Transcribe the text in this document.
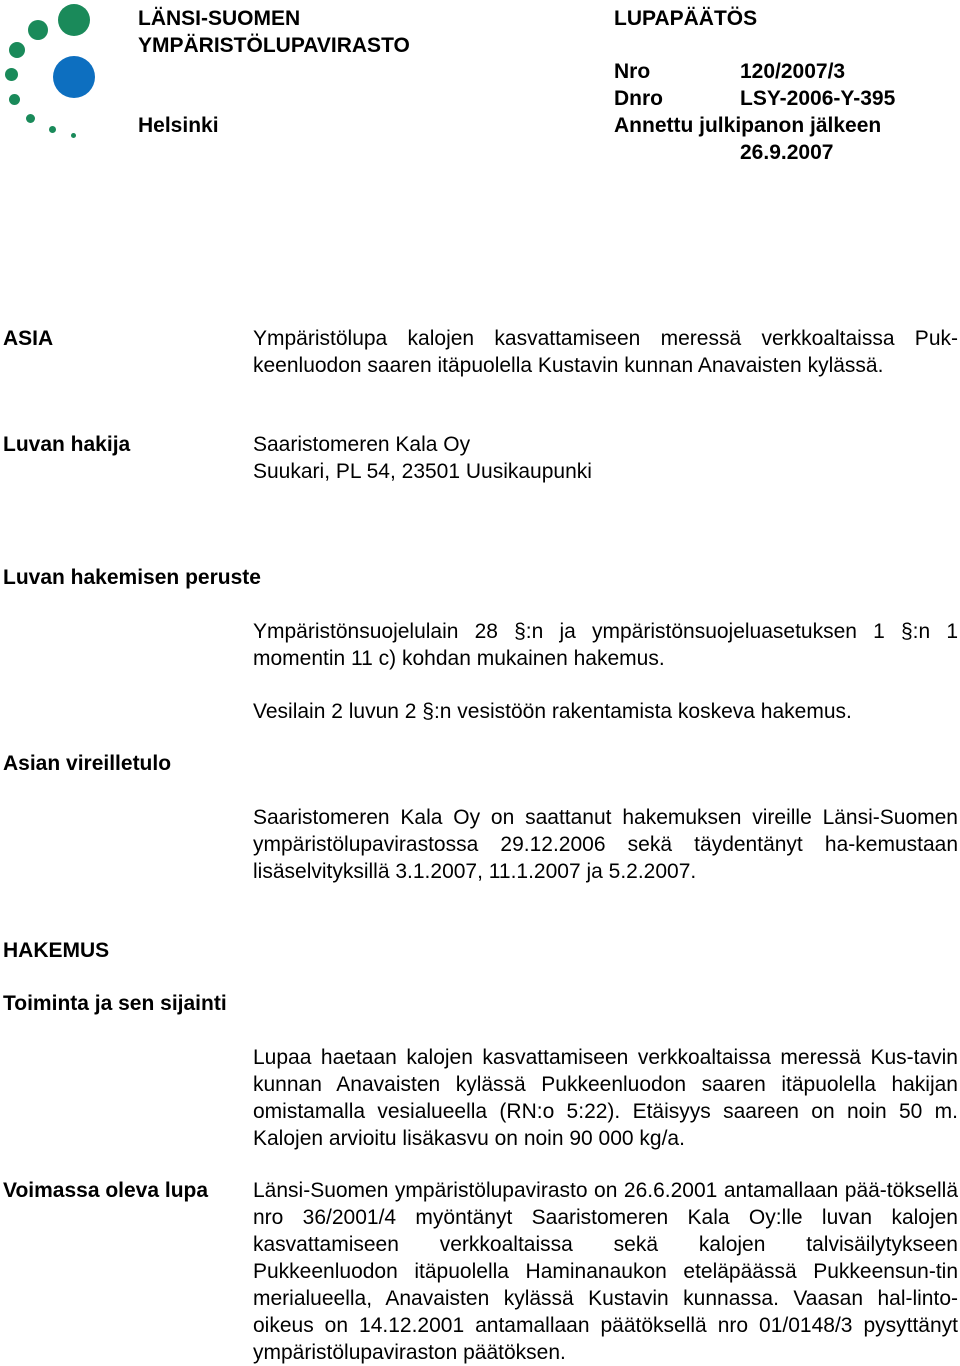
LÄNSI-SUOMEN
YMPÄRISTÖLUPAVIRASTO
Helsinki
LUPAPÄÄTÖS
Nro	120/2007/3
Dnro	LSY-2006-Y-395
Annettu julkipanon jälkeen
26.9.2007
ASIA	Ympäristölupa kalojen kasvattamiseen meressä verkkoaltaissa Puk-keenluodon saaren itäpuolella Kustavin kunnan Anavaisten kylässä.
Luvan hakija	Saaristomeren Kala Oy
Suukari, PL 54, 23501 Uusikaupunki
Luvan hakemisen peruste
Ympäristönsuojelulain 28 §:n ja ympäristönsuojeluasetuksen 1 §:n 1 momentin 11 c) kohdan mukainen hakemus.
Vesilain 2 luvun 2 §:n vesistöön rakentamista koskeva hakemus.
Asian vireilletulo
Saaristomeren Kala Oy on saattanut hakemuksen vireille Länsi-Suomen ympäristölupavirastossa 29.12.2006 sekä täydentänyt ha-kemustaan lisäselvityksillä 3.1.2007, 11.1.2007 ja 5.2.2007.
HAKEMUS
Toiminta ja sen sijainti
Lupaa haetaan kalojen kasvattamiseen verkkoaltaissa meressä Kus-tavin kunnan Anavaisten kylässä Pukkeenluodon saaren itäpuolella hakijan omistamalla vesialueella (RN:o 5:22). Etäisyys saareen on noin 50 m. Kalojen arvioitu lisäkasvu on noin 90 000 kg/a.
Voimassa oleva lupa Länsi-Suomen ympäristölupavirasto on 26.6.2001 antamallaan pää-töksellä nro 36/2001/4 myöntänyt Saaristomeren Kala Oy:lle luvan kalojen kasvattamiseen verkkoaltaissa sekä kalojen talvisäilytykseen Pukkeenluodon itäpuolella Haminanaukon eteläpäässä Pukkeensun-tin merialueella, Anavaisten kylässä Kustavin kunnassa. Vaasan hal-linto-oikeus on 14.12.2001 antamallaan päätöksellä nro 01/0148/3 pysyttänyt ympäristölupaviraston päätöksen.
